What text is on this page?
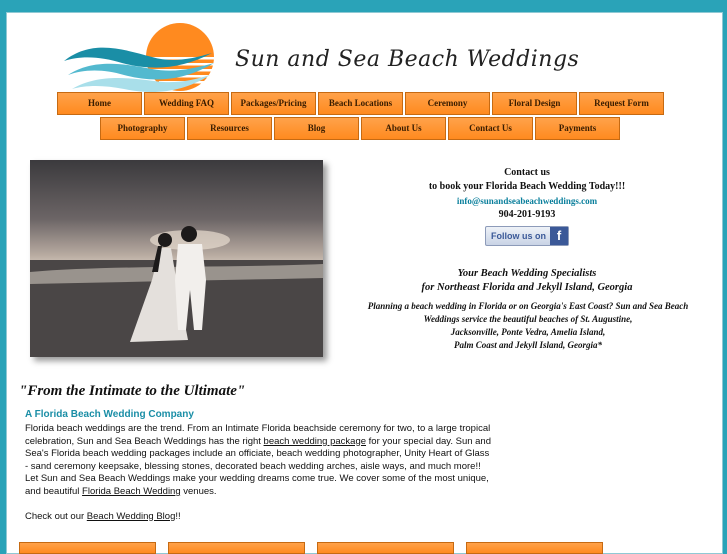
Sun and Sea Beach Weddings
Home	Wedding FAQ	Packages/Pricing	Beach Locations	Ceremony	Floral Design	Request Form
Photography	Resources	Blog	About Us	Contact Us	Payments
Contact us
to book your Florida Beach Wedding Today!!!
info@sunandseabeachweddings.com
904-201-9193
Follow us on f
Your Beach Wedding Specialists
for Northeast Florida and Jekyll Island, Georgia
Planning a beach wedding in Florida or on Georgia's East Coast? Sun and Sea Beach
Weddings service the beautiful beaches of St. Augustine,
Jacksonville, Ponte Vedra, Amelia Island,
Palm Coast and Jekyll Island, Georgia*
"From the Intimate to the Ultimate"
A Florida Beach Wedding Company
Florida beach weddings are the trend. From an Intimate Florida beachside ceremony for two, to a large tropical celebration, Sun and Sea Beach Weddings has the right beach wedding package for your special day. Sun and Sea's Florida beach wedding packages include an officiate, beach wedding photographer, Unity Heart of Glass - sand ceremony keepsake, blessing stones, decorated beach wedding arches, aisle ways, and much more!! Let Sun and Sea Beach Weddings make your wedding dreams come true. We cover some of the most unique, and beautiful Florida Beach Wedding venues.
Check out our Beach Wedding Blog!!
